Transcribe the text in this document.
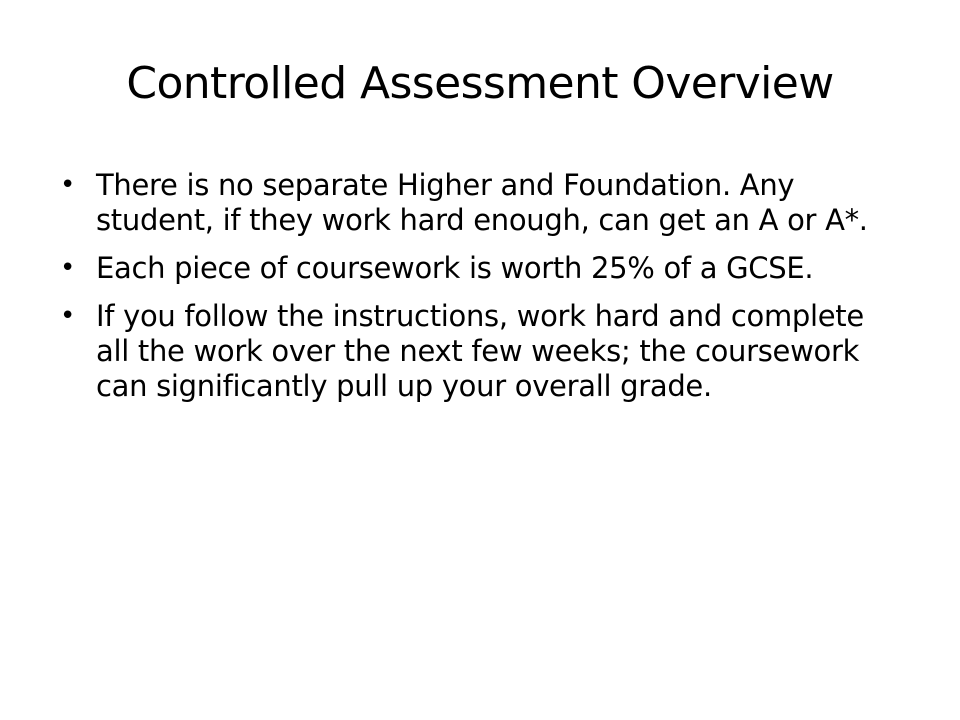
Controlled Assessment Overview
• There is no separate Higher and Foundation. Any student, if they work hard enough, can get an A or A*.
• Each piece of coursework is worth 25% of a GCSE.
• If you follow the instructions, work hard and complete all the work over the next few weeks; the coursework can significantly pull up your overall grade.
